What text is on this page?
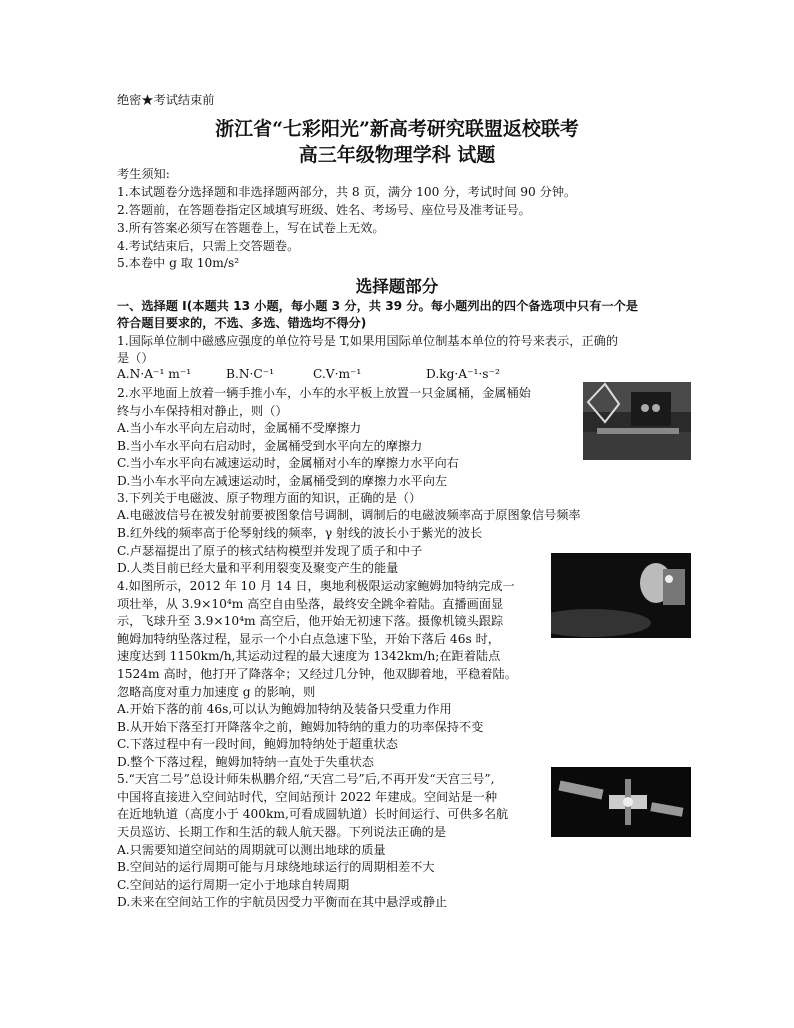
绝密★考试结束前
浙江省“七彩阳光”新高考研究联盟返校联考
高三年级物理学科 试题
考生须知:
1.本试题卷分选择题和非选择题两部分，共 8 页，满分 100 分，考试时间 90 分钟。
2.答题前，在答题卷指定区域填写班级、姓名、考场号、座位号及准考证号。
3.所有答案必须写在答题卷上，写在试卷上无效。
4.考试结束后，只需上交答题卷。
5.本卷中 g 取 10m/s²
选择题部分
一、选择题 I(本题共 13 小题，每小题 3 分，共 39 分。每小题列出的四个备选项中只有一个是
符合题目要求的，不选、多选、错选均不得分)
1.国际单位制中磁感应强度的单位符号是 T,如果用国际单位制基本单位的符号来表示，正确的
是（）
A.N·A⁻¹ m⁻¹	B.N·C⁻¹	C.V·m⁻¹	D.kg·A⁻¹·s⁻²
2.水平地面上放着一辆手推小车，小车的水平板上放置一只金属桶，金属桶始
终与小车保持相对静止，则（）
A.当小车水平向左启动时，金属桶不受摩擦力
B.当小车水平向右启动时，金属桶受到水平向左的摩擦力
C.当小车水平向右减速运动时，金属桶对小车的摩擦力水平向右
D.当小车水平向左减速运动时，金属桶受到的摩擦力水平向左
3.下列关于电磁波、原子物理方面的知识，正确的是（）
A.电磁波信号在被发射前要被图象信号调制，调制后的电磁波频率高于原图象信号频率
B.红外线的频率高于伦琴射线的频率，γ 射线的波长小于紫光的波长
C.卢瑟福提出了原子的核式结构模型并发现了质子和中子
D.人类目前已经大量和平利用裂变及聚变产生的能量
4.如图所示，2012 年 10 月 14 日，奥地利极限运动家鲍姆加特纳完成一
项壮举，从 3.9×10⁴m 高空自由坠落，最终安全跳伞着陆。直播画面显
示，飞球升至 3.9×10⁴m 高空后，他开始无初速下落。摄像机镜头跟踪
鲍姆加特纳坠落过程，显示一个小白点急速下坠，开始下落后 46s 时，
速度达到 1150km/h,其运动过程的最大速度为 1342km/h;在距着陆点
1524m 高时，他打开了降落伞；又经过几分钟，他双脚着地，平稳着陆。
忽略高度对重力加速度 g 的影响，则
A.开始下落的前 46s,可以认为鲍姆加特纳及装备只受重力作用
B.从开始下落至打开降落伞之前，鲍姆加特纳的重力的功率保持不变
C.下落过程中有一段时间，鲍姆加特纳处于超重状态
D.整个下落过程，鲍姆加特纳一直处于失重状态
5.“天宫二号”总设计师朱枞鹏介绍,“天宫二号”后,不再开发“天宫三号”,
中国将直接进入空间站时代，空间站预计 2022 年建成。空间站是一种
在近地轨道（高度小于 400km,可看成圆轨道）长时间运行、可供多名航
天员巡访、长期工作和生活的载人航天器。下列说法正确的是
A.只需要知道空间站的周期就可以测出地球的质量
B.空间站的运行周期可能与月球绕地球运行的周期相差不大
C.空间站的运行周期一定小于地球自转周期
D.未来在空间站工作的宇航员因受力平衡而在其中悬浮或静止
